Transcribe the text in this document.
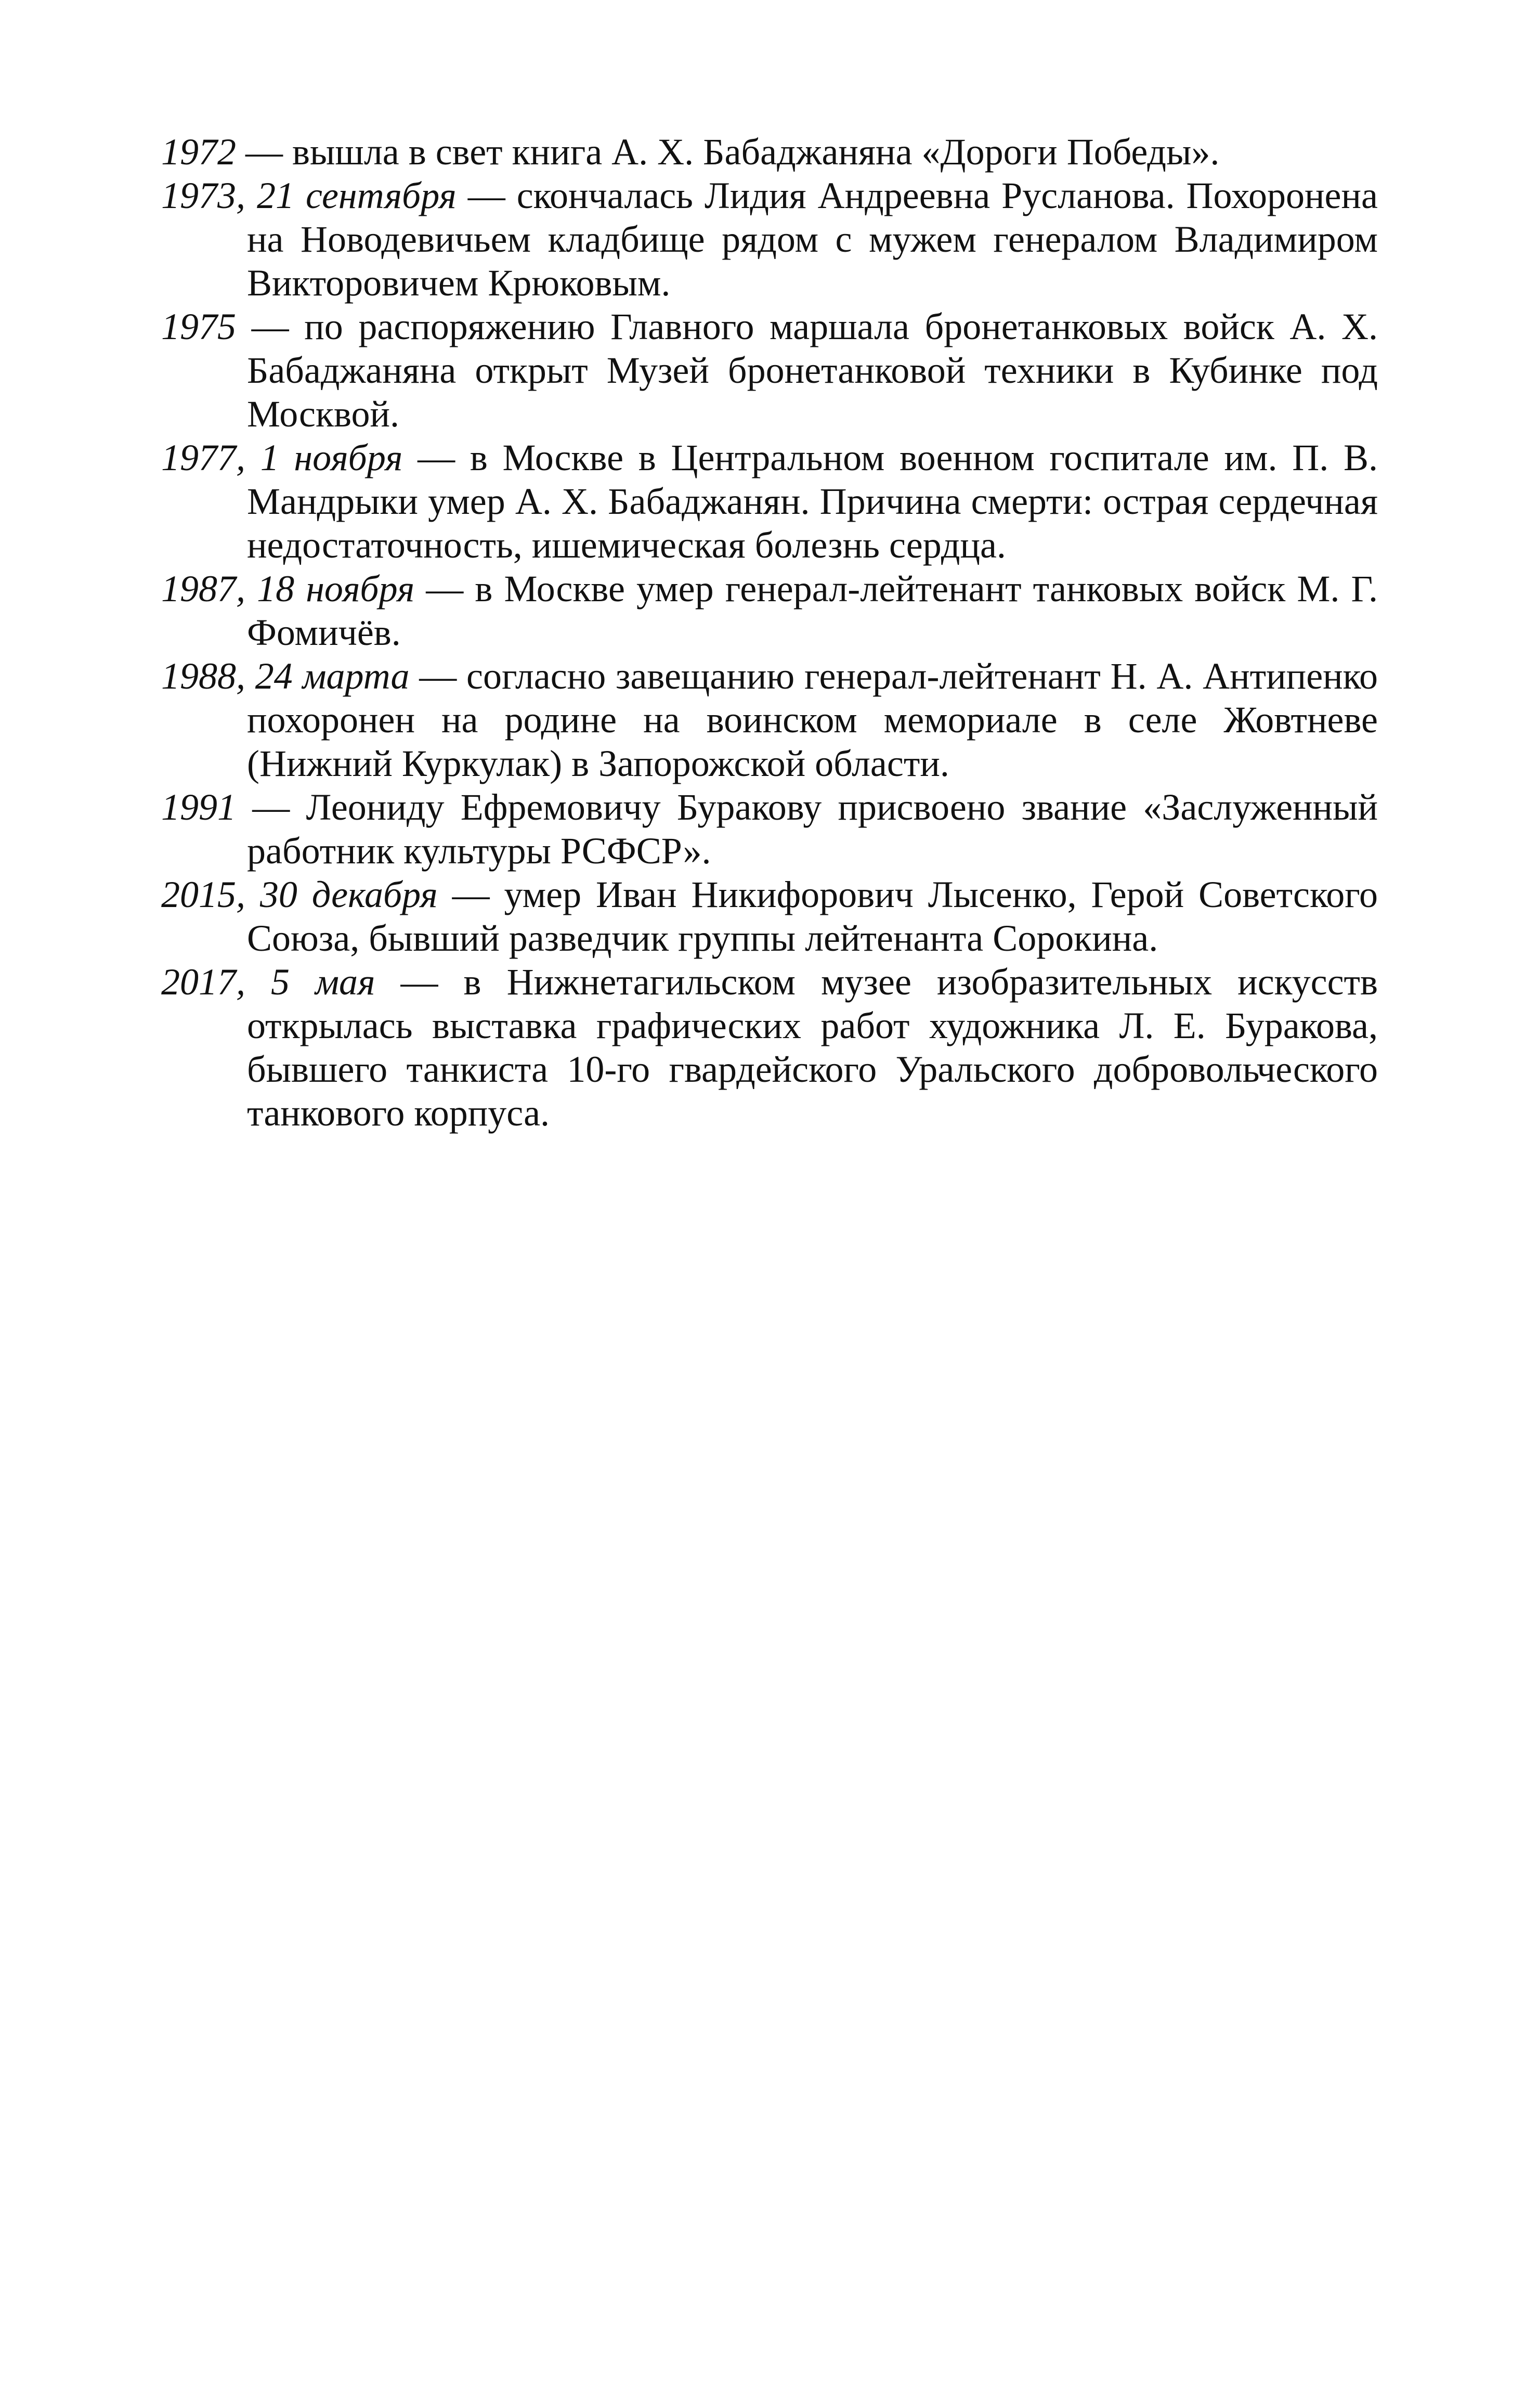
1972 — вышла в свет книга А. Х. Бабаджаняна «Дороги Победы».
1973, 21 сентября — скончалась Лидия Андреевна Русланова. Похоронена на Новодевичьем кладбище рядом с мужем генералом Владимиром Викторовичем Крюковым.
1975 — по распоряжению Главного маршала бронетанковых войск А. Х. Бабаджаняна открыт Музей бронетанковой техники в Кубинке под Москвой.
1977, 1 ноября — в Москве в Центральном военном госпитале им. П. В. Мандрыки умер А. Х. Бабаджанян. Причина смерти: острая сердечная недостаточность, ишемическая болезнь сердца.
1987, 18 ноября — в Москве умер генерал-лейтенант танковых войск М. Г. Фомичёв.
1988, 24 марта — согласно завещанию генерал-лейтенант Н. А. Антипенко похоронен на родине на воинском мемориале в селе Жовтневе (Нижний Куркулак) в Запорожской области.
1991 — Леониду Ефремовичу Буракову присвоено звание «Заслуженный работник культуры РСФСР».
2015, 30 декабря — умер Иван Никифорович Лысенко, Герой Советского Союза, бывший разведчик группы лейтенанта Сорокина.
2017, 5 мая — в Нижнетагильском музее изобразительных искусств открылась выставка графических работ художника Л. Е. Буракова, бывшего танкиста 10-го гвардейского Уральского добровольческого танкового корпуса.
